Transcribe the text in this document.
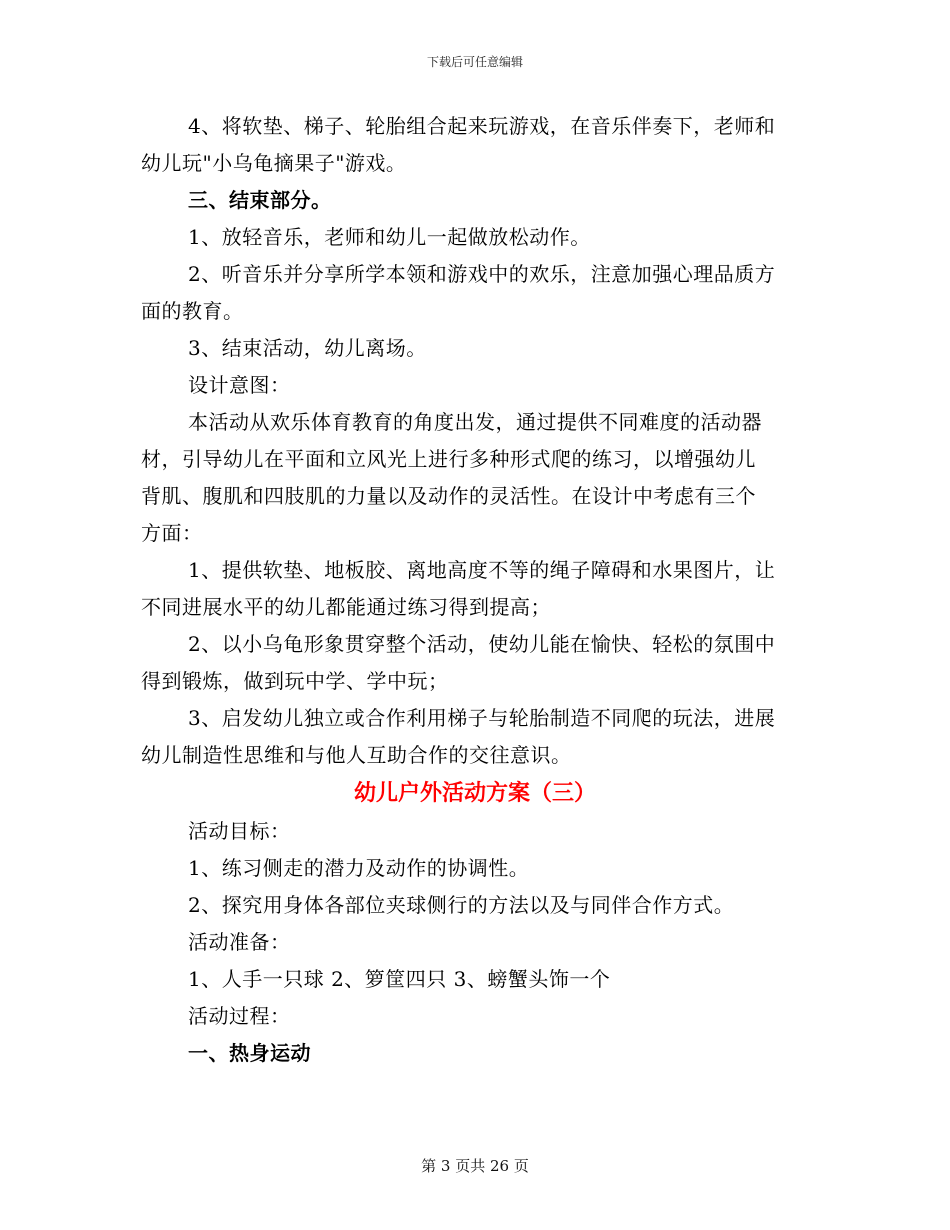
下载后可任意编辑
4、将软垫、梯子、轮胎组合起来玩游戏，在音乐伴奏下，老师和
幼儿玩"小乌龟摘果子"游戏。
三、结束部分。
1、放轻音乐，老师和幼儿一起做放松动作。
2、听音乐并分享所学本领和游戏中的欢乐，注意加强心理品质方
面的教育。
3、结束活动，幼儿离场。
设计意图：
本活动从欢乐体育教育的角度出发，通过提供不同难度的活动器
材，引导幼儿在平面和立风光上进行多种形式爬的练习，以增强幼儿
背肌、腹肌和四肢肌的力量以及动作的灵活性。在设计中考虑有三个
方面：
1、提供软垫、地板胶、离地高度不等的绳子障碍和水果图片，让
不同进展水平的幼儿都能通过练习得到提高；
2、以小乌龟形象贯穿整个活动，使幼儿能在愉快、轻松的氛围中
得到锻炼，做到玩中学、学中玩；
3、启发幼儿独立或合作利用梯子与轮胎制造不同爬的玩法，进展
幼儿制造性思维和与他人互助合作的交往意识。
幼儿户外活动方案（三）
活动目标：
1、练习侧走的潜力及动作的协调性。
2、探究用身体各部位夹球侧行的方法以及与同伴合作方式。
活动准备：
1、人手一只球 2、箩筐四只 3、螃蟹头饰一个
活动过程：
一、热身运动
第 3 页共 26 页
